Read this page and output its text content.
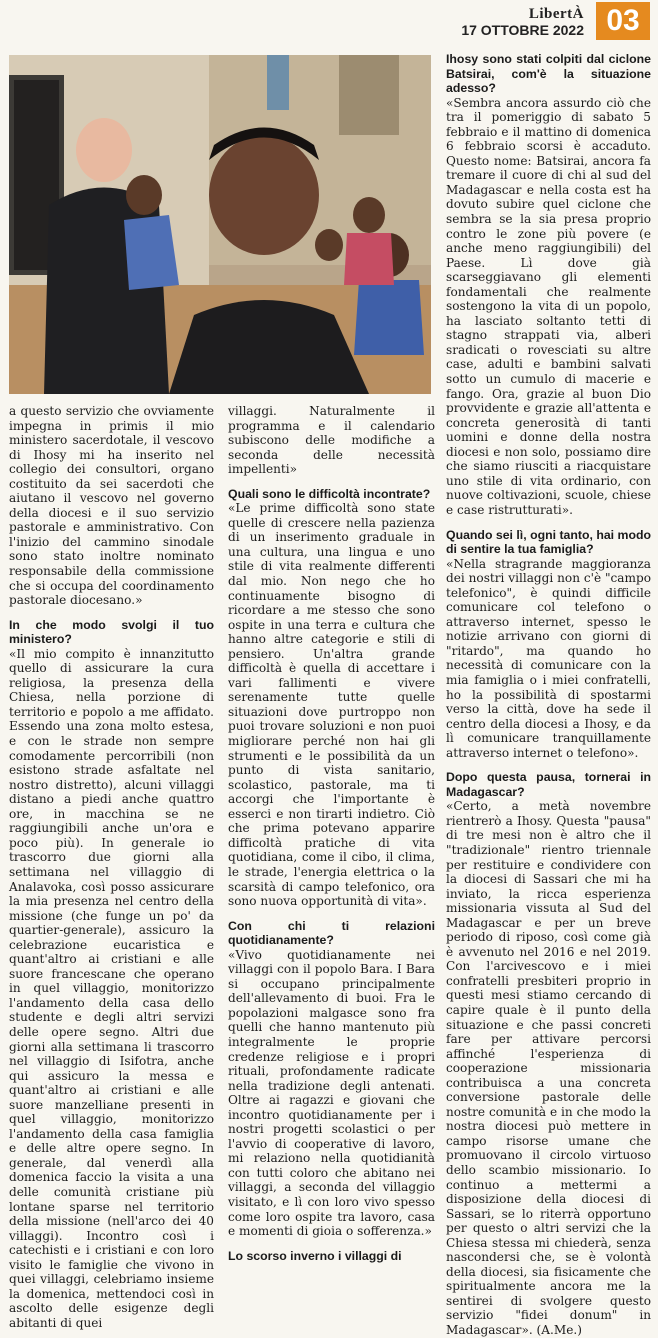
LibertÀ
17 OTTOBRE 2022 03

a questo servizio che ovviamente impegna in primis il mio ministero sacerdotale, il vescovo di Ihosy mi ha inserito nel collegio dei consultori, organo costituito da sei sacerdoti che aiutano il vescovo nel governo della diocesi e il suo servizio pastorale e amministrativo. Con l'inizio del cammino sinodale sono stato inoltre nominato responsabile della commissione che si occupa del coordinamento pastorale diocesano.»

In che modo svolgi il tuo ministero?

«Il mio compito è innanzitutto quello di assicurare la cura religiosa, la presenza della Chiesa, nella porzione di territorio e popolo a me affidato. Essendo una zona molto estesa, e con le strade non sempre comodamente percorribili (non esistono strade asfaltate nel nostro distretto), alcuni villaggi distano a piedi anche quattro ore, in macchina se ne raggiungibili anche un'ora e poco più). In generale io trascorro due giorni alla settimana nel villaggio di Analavoka, così posso assicurare la mia presenza nel centro della missione (che funge un po' da quartier-generale), assicuro la celebrazione eucaristica e quant'altro ai cristiani e alle suore francescane che operano in quel villaggio, monitorizzo l'andamento della casa dello studente e degli altri servizi delle opere segno. Altri due giorni alla settimana li trascorro nel villaggio di Isifotra, anche qui assicuro la messa e quant'altro ai cristiani e alle suore manzelliane presenti in quel villaggio, monitorizzo l'andamento della casa famiglia e delle altre opere segno. In generale, dal venerdì alla domenica faccio la visita a una delle comunità cristiane più lontane sparse nel territorio della missione (nell'arco dei 40 villaggi). Incontro così i catechisti e i cristiani e con loro visito le famiglie che vivono in quei villaggi, celebriamo insieme la domenica, mettendoci così in ascolto delle esigenze degli abitanti di quei

villaggi. Naturalmente il programma e il calendario subiscono delle modifiche a seconda delle necessità impellenti»

Quali sono le difficoltà incontrate?

«Le prime difficoltà sono state quelle di crescere nella pazienza di un inserimento graduale in una cultura, una lingua e uno stile di vita realmente differenti dal mio. Non nego che ho continuamente bisogno di ricordare a me stesso che sono ospite in una terra e cultura che hanno altre categorie e stili di pensiero. Un'altra grande difficoltà è quella di accettare i vari fallimenti e vivere serenamente tutte quelle situazioni dove purtroppo non puoi trovare soluzioni e non puoi migliorare perché non hai gli strumenti e le possibilità da un punto di vista sanitario, scolastico, pastorale, ma ti accorgi che l'importante è esserci e non tirarti indietro. Ciò che prima potevano apparire difficoltà pratiche di vita quotidiana, come il cibo, il clima, le strade, l'energia elettrica o la scarsità di campo telefonico, ora sono nuova opportunità di vita».

Con chi ti relazioni quotidianamente?

«Vivo quotidianamente nei villaggi con il popolo Bara. I Bara si occupano principalmente dell'allevamento di buoi. Fra le popolazioni malgasce sono fra quelli che hanno mantenuto più integralmente le proprie credenze religiose e i propri rituali, profondamente radicate nella tradizione degli antenati. Oltre ai ragazzi e giovani che incontro quotidianamente per i nostri progetti scolastici o per l'avvio di cooperative di lavoro, mi relaziono nella quotidianità con tutti coloro che abitano nei villaggi, a seconda del villaggio visitato, e lì con loro vivo spesso come loro ospite tra lavoro, casa e momenti di gioia o sofferenza.»

Lo scorso inverno i villaggi di
Ihosy sono stati colpiti dal ciclone Batsirai, com'è la situazione adesso?

«Sembra ancora assurdo ciò che tra il pomeriggio di sabato 5 febbraio e il mattino di domenica 6 febbraio scorsi è accaduto. Questo nome: Batsirai, ancora fa tremare il cuore di chi al sud del Madagascar e nella costa est ha dovuto subire quel ciclone che sembra se la sia presa proprio contro le zone più povere (e anche meno raggiungibili) del Paese. Lì dove già scarseggiavano gli elementi fondamentali che realmente sostengono la vita di un popolo, ha lasciato soltanto tetti di stagno strappati via, alberi sradicati o rovesciati su altre case, adulti e bambini salvati sotto un cumulo di macerie e fango. Ora, grazie al buon Dio provvidente e grazie all'attenta e concreta generosità di tanti uomini e donne della nostra diocesi e non solo, possiamo dire che siamo riusciti a riacquistare uno stile di vita ordinario, con nuove coltivazioni, scuole, chiese e case ristrutturati».

Quando sei lì, ogni tanto, hai modo di sentire la tua famiglia?

«Nella stragrande maggioranza dei nostri villaggi non c'è "campo telefonico", è quindi difficile comunicare col telefono o attraverso internet, spesso le notizie arrivano con giorni di "ritardo", ma quando ho necessità di comunicare con la mia famiglia o i miei confratelli, ho la possibilità di spostarmi verso la città, dove ha sede il centro della diocesi a Ihosy, e da lì comunicare tranquillamente attraverso internet o telefono».

Dopo questa pausa, tornerai in Madagascar?

«Certo, a metà novembre rientrerò a Ihosy. Questa "pausa" di tre mesi non è altro che il "tradizionale" rientro triennale per restituire e condividere con la diocesi di Sassari che mi ha inviato, la ricca esperienza missionaria vissuta al Sud del Madagascar e per un breve periodo di riposo, così come già è avvenuto nel 2016 e nel 2019. Con l'arcivescovo e i miei confratelli presbiteri proprio in questi mesi stiamo cercando di capire quale è il punto della situazione e che passi concreti fare per attivare percorsi affinché l'esperienza di cooperazione missionaria contribuisca a una concreta conversione pastorale delle nostre comunità e in che modo la nostra diocesi può mettere in campo risorse umane che promuovano il circolo virtuoso dello scambio missionario. Io continuo a mettermi a disposizione della diocesi di Sassari, se lo riterrà opportuno per questo o altri servizi che la Chiesa stessa mi chiederà, senza nascondersi che, se è volontà della diocesi, sia fisicamente che spiritualmente ancora me la sentirei di svolgere questo servizio "fidei donum" in Madagascar». (A.Me.)
